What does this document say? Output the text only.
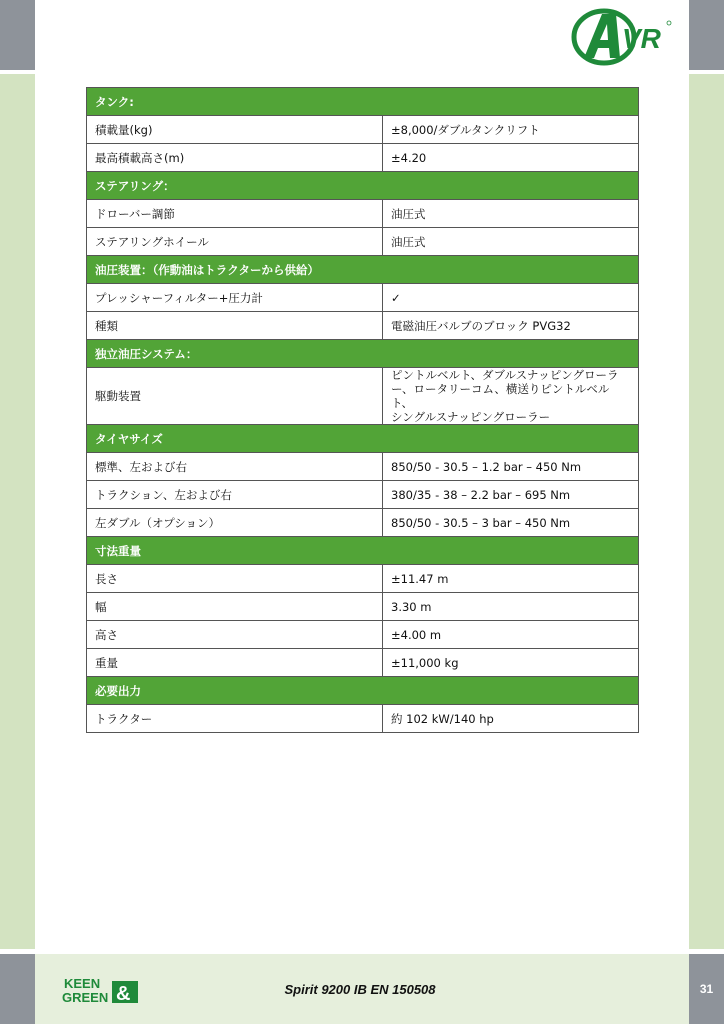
VR
タンク:	
積載量(kg)	±8,000/ダブルタンクリフト
最高積載高さ(m)	±4.20
ステアリング：	
ドローバー調節	油圧式
ステアリングホイール	油圧式
油圧装置：（作動油はトラクターから供給）	
プレッシャーフィルター+圧力計	✓
種類	電磁油圧バルブのブロック PVG32
独立油圧システム：	
駆動装置	ピントルベルト、ダブルスナッピングローラ
ー、ロータリーコム、横送りピントルベルト、
シングルスナッピングローラー
タイヤサイズ	
標準、左および右	850/50 - 30.5 – 1.2 bar – 450 Nm
トラクション、左および右	380/35 - 38 – 2.2 bar – 695 Nm
左ダブル（オプション）	850/50 - 30.5 – 3 bar – 450 Nm
寸法重量	
長さ	±11.47 m
幅	3.30 m
高さ	±4.00 m
重量	±11,000 kg
必要出力	
トラクター	約 102 kW/140 hp
KEEN
GREEN &	Spirit 9200 IB EN 150508	31
